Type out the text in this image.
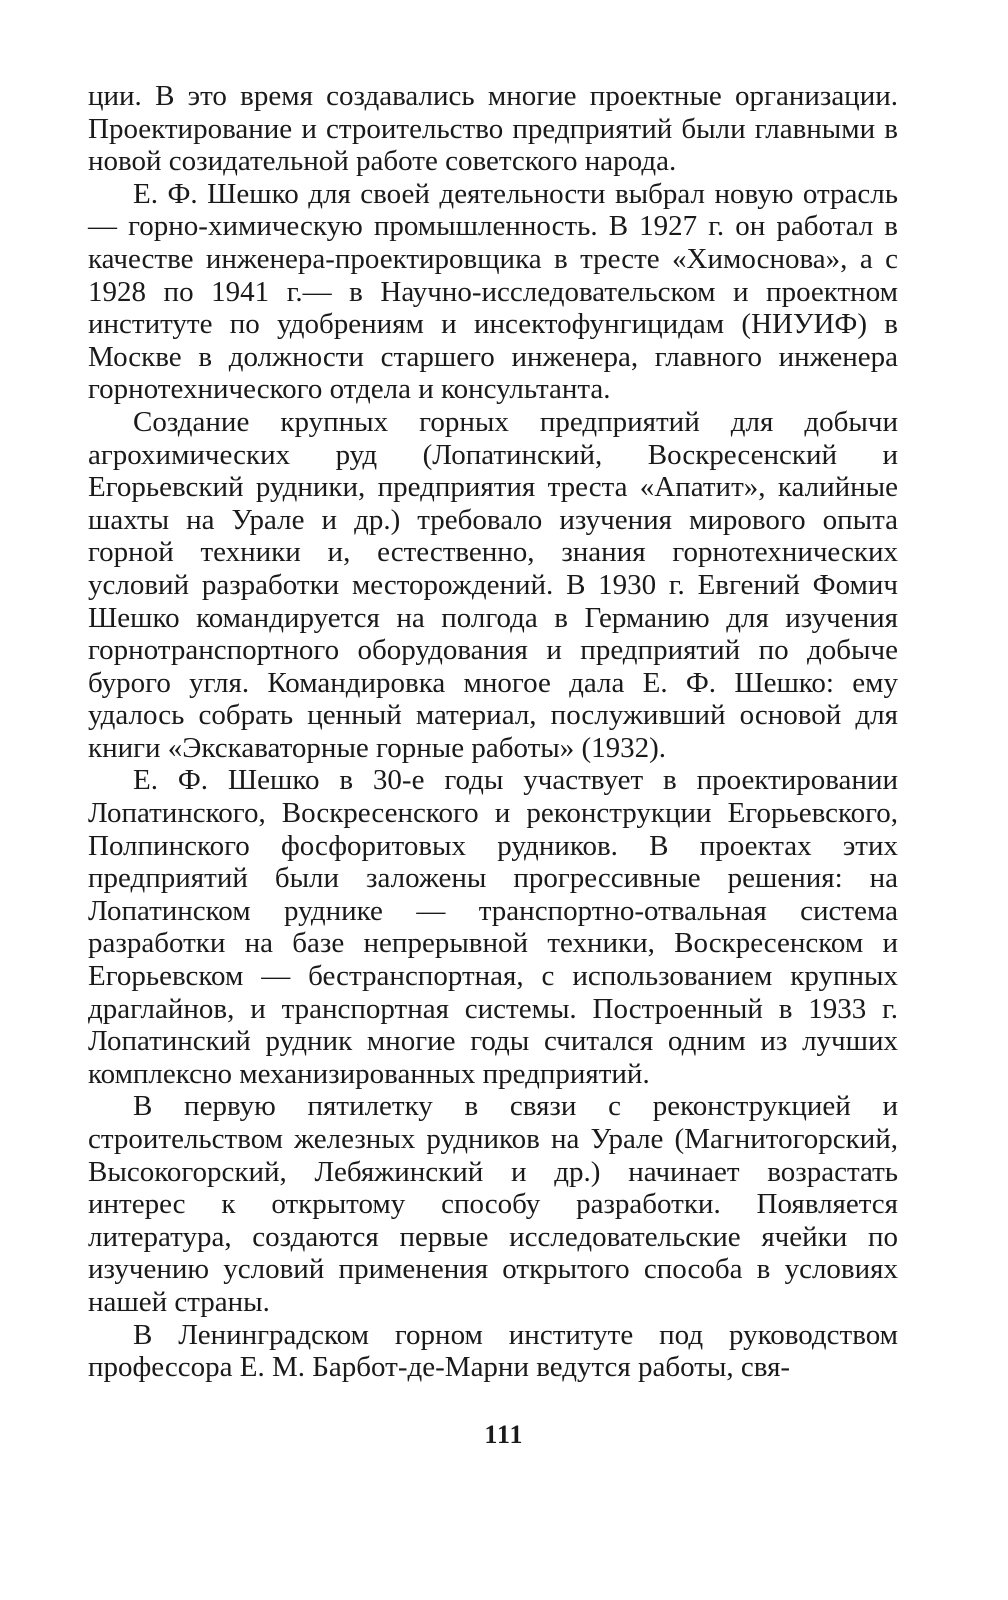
ции. В это время создавались многие проектные организации. Проектирование и строительство предприятий были главными в новой созидательной работе советского народа.

Е. Ф. Шешко для своей деятельности выбрал новую отрасль — горно-химическую промышленность. В 1927 г. он работал в качестве инженера-проектировщика в тресте «Химоснова», а с 1928 по 1941 г.— в Научно-исследовательском и проектном институте по удобрениям и инсектофунгицидам (НИУИФ) в Москве в должности старшего инженера, главного инженера горнотехнического отдела и консультанта.

Создание крупных горных предприятий для добычи агрохимических руд (Лопатинский, Воскресенский и Егорьевский рудники, предприятия треста «Апатит», калийные шахты на Урале и др.) требовало изучения мирового опыта горной техники и, естественно, знания горнотехнических условий разработки месторождений. В 1930 г. Евгений Фомич Шешко командируется на полгода в Германию для изучения горнотранспортного оборудования и предприятий по добыче бурого угля. Командировка многое дала Е. Ф. Шешко: ему удалось собрать ценный материал, послуживший основой для книги «Экскаваторные горные работы» (1932).

Е. Ф. Шешко в 30-е годы участвует в проектировании Лопатинского, Воскресенского и реконструкции Егорьевского, Полпинского фосфоритовых рудников. В проектах этих предприятий были заложены прогрессивные решения: на Лопатинском руднике — транспортно-отвальная система разработки на базе непрерывной техники, Воскресенском и Егорьевском — бестранспортная, с использованием крупных драглайнов, и транспортная системы. Построенный в 1933 г. Лопатинский рудник многие годы считался одним из лучших комплексно механизированных предприятий.

В первую пятилетку в связи с реконструкцией и строительством железных рудников на Урале (Магнитогорский, Высокогорский, Лебяжинский и др.) начинает возрастать интерес к открытому способу разработки. Появляется литература, создаются первые исследовательские ячейки по изучению условий применения открытого способа в условиях нашей страны.

В Ленинградском горном институте под руководством профессора Е. М. Барбот-де-Марни ведутся работы, свя-

111
